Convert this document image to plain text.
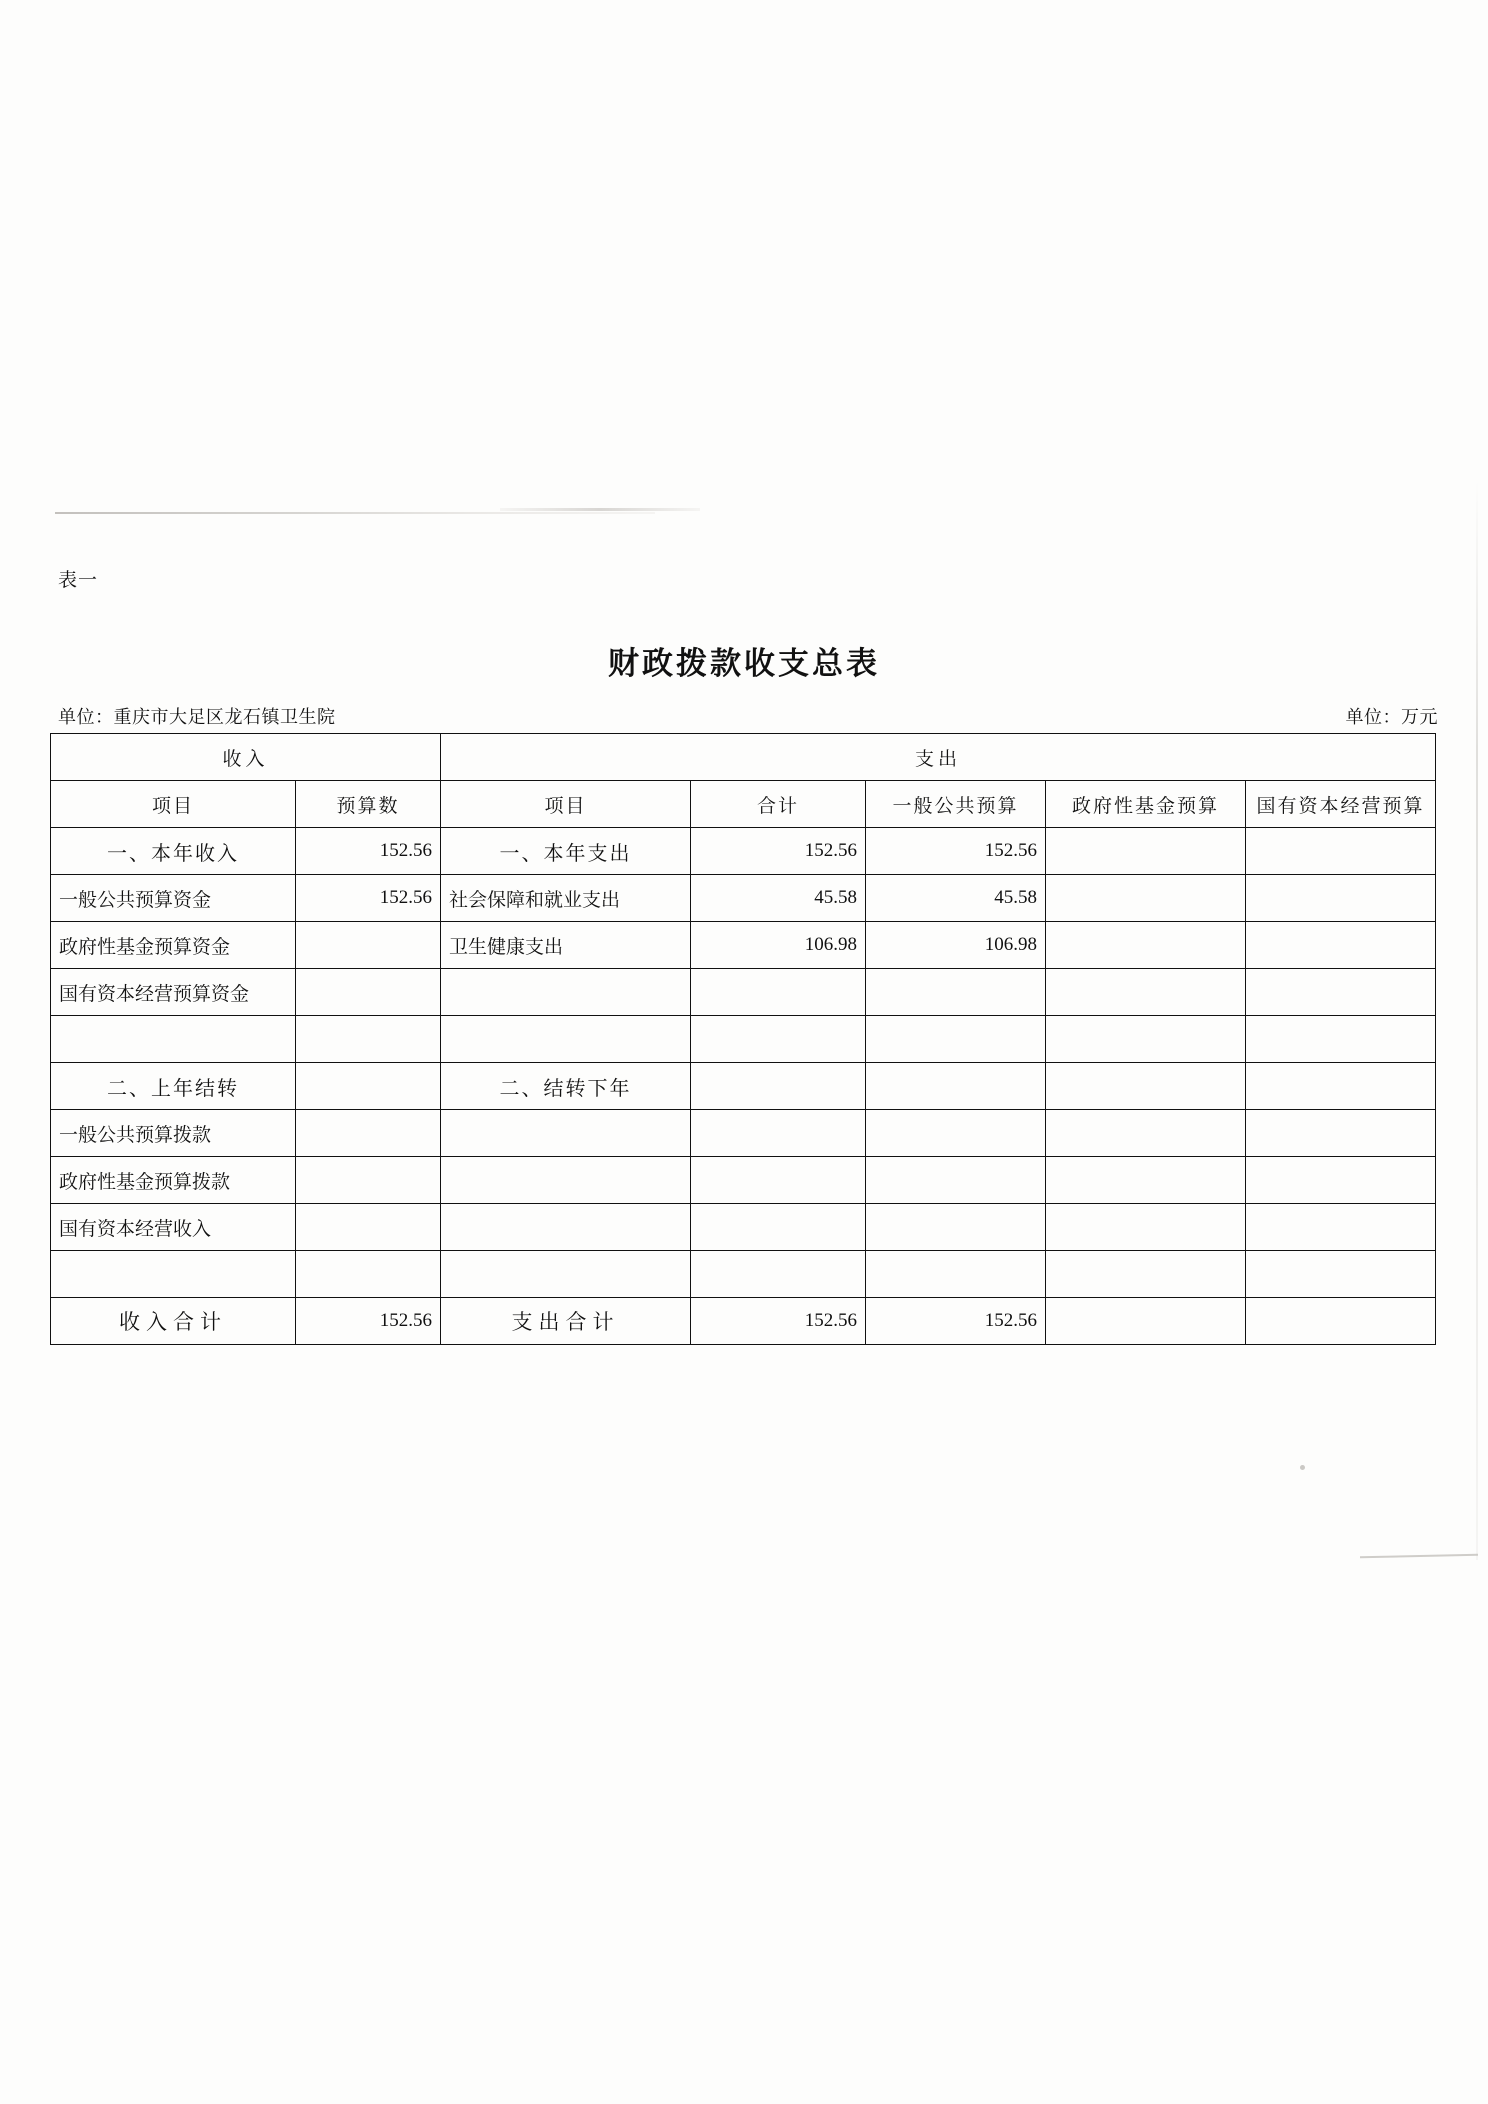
表一
财政拨款收支总表
单位：重庆市大足区龙石镇卫生院	单位：万元
收入		支出				
项目	预算数	项目	合计	一般公共预算	政府性基金预算	国有资本经营预算
一、本年收入	152.56	一、本年支出	152.56	152.56		
一般公共预算资金	152.56	社会保障和就业支出	45.58	45.58		
政府性基金预算资金		卫生健康支出	106.98	106.98		
国有资本经营预算资金						

二、上年结转		二、结转下年				
一般公共预算拨款						
政府性基金预算拨款						
国有资本经营收入						

收入合计	152.56	支出合计	152.56	152.56		
